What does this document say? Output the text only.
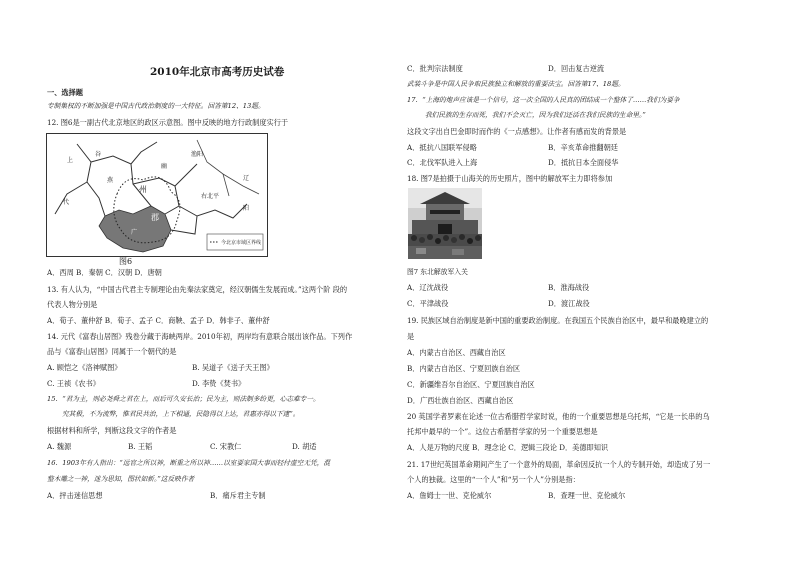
2010年北京市高考历史试卷
一、选择题
专制集权的不断加强是中国古代政治制度的一大特征。回答第12、13题。
12. 图6是一副古代北京地区的政区示意图。图中反映的地方行政制度实行于
今北京市域区界线
上
州
幽
燕
郡
右北平
渔阳
辽
广
代
谷
阳
图6
A．西周 B．秦朝 C．汉朝 D．唐朝
13. 有人认为，“中国古代君主专制理论由先秦法家奠定，经汉朝儒生发展而成。”这两个阶 段的
代表人物分别是
A．荀子、董仲舒 B．荀子、孟子 C．商鞅、孟子 D．韩非子、董仲舒
14. 元代《富春山居图》残卷分藏于海峡两岸。2010年初，两岸均有意联合展出该作品。下列作
品与《富春山居图》同属于一个朝代的是
A. 顾恺之《洛神赋图》	B. 吴道子《送子天王图》
C. 王祯《农书》	D. 李贽《焚书》
15．“君为主，则必尧舜之君在上，而后可久安长治；民为主，则法制多纷更，心志难专一。
究其极，不为流弊，惟君民共治，上下相通，民隐得以上达，君惠亦得以下逮”。
根据材料和所学，判断这段文字的作者是
A. 魏源	B. 王韬	C. 宋教仁	D. 胡适
16．1903年有人指出：“远官之所以神，断重之所以神……以室要家国大事而轻付虚空无凭，混
整木雕之一神，迷为思知，图状如新。”这反映作者
A．抨击迷信思想	B．痛斥君主专制
C．批判宗法制度	D．回击复古逆流
武装斗争是中国人民争取民族独立和解放的重要法宝。回答第17、18题。
17．“上海的炮声应该是一个信号，这一次全国的人民真的团结成一个整体了……我们为要争
我们民族的生存而死，我们不会灭亡，因为我们还活在我们民族的生命里。”
这段文字出自巴金即时而作的《一点感想》。让作者有感而发的背景是
A．抵抗八国联军侵略	B．辛亥革命推翻朝廷
C．北伐军队进入上海	D．抵抗日本全面侵华
18. 图7是拍摄于山海关的历史照片，图中的解放军主力即将参加
图7 东北解放军入关
A．辽沈战役	B．淮海战役
C．平津战役	D．渡江战役
19. 民族区域自治制度是新中国的重要政治制度。在我国五个民族自治区中，最早和最晚建立的
是
A．内蒙古自治区、西藏自治区
B．内蒙古自治区、宁夏回族自治区
C．新疆维吾尔自治区、宁夏回族自治区
D．广西壮族自治区、西藏自治区
20 英国学者罗素在论述一位古希腊哲学家时说，他的一个重要思想是乌托邦，“它是一长串的乌
托邦中最早的一个”。这位古希腊哲学家的另一个重要思想是
A．人是万物的尺度 B．理念论 C．逻辑三段论 D．美德即知识
21. 17世纪英国革命期间产生了一个意外的局面，革命因反抗一个人的专制开始，却造成了另一
个人的独裁。这里的“一个人”和“另一个人”分别是指：
A．詹姆士一世、克伦威尔	B．查理一世、克伦威尔
